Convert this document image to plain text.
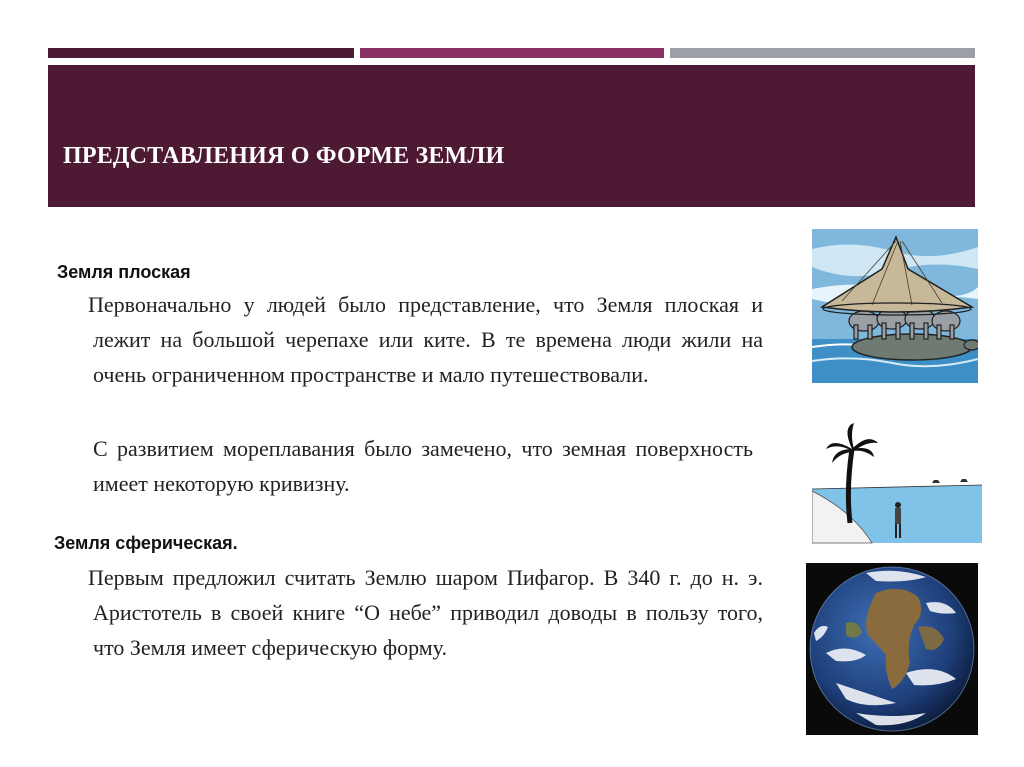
ПРЕДСТАВЛЕНИЯ О ФОРМЕ ЗЕМЛИ
Земля плоская
Первоначально у людей было представление, что Земля плоская и лежит на большой черепахе или ките. В те времена люди жили на очень ограниченном пространстве и мало путешествовали.
С развитием мореплавания было замечено, что земная поверхность имеет некоторую кривизну.
Земля сферическая.
Первым предложил считать Землю шаром Пифагор. В 340 г. до н. э. Аристотель в своей книге “О небе” приводил доводы в пользу того, что Земля имеет сферическую форму.
